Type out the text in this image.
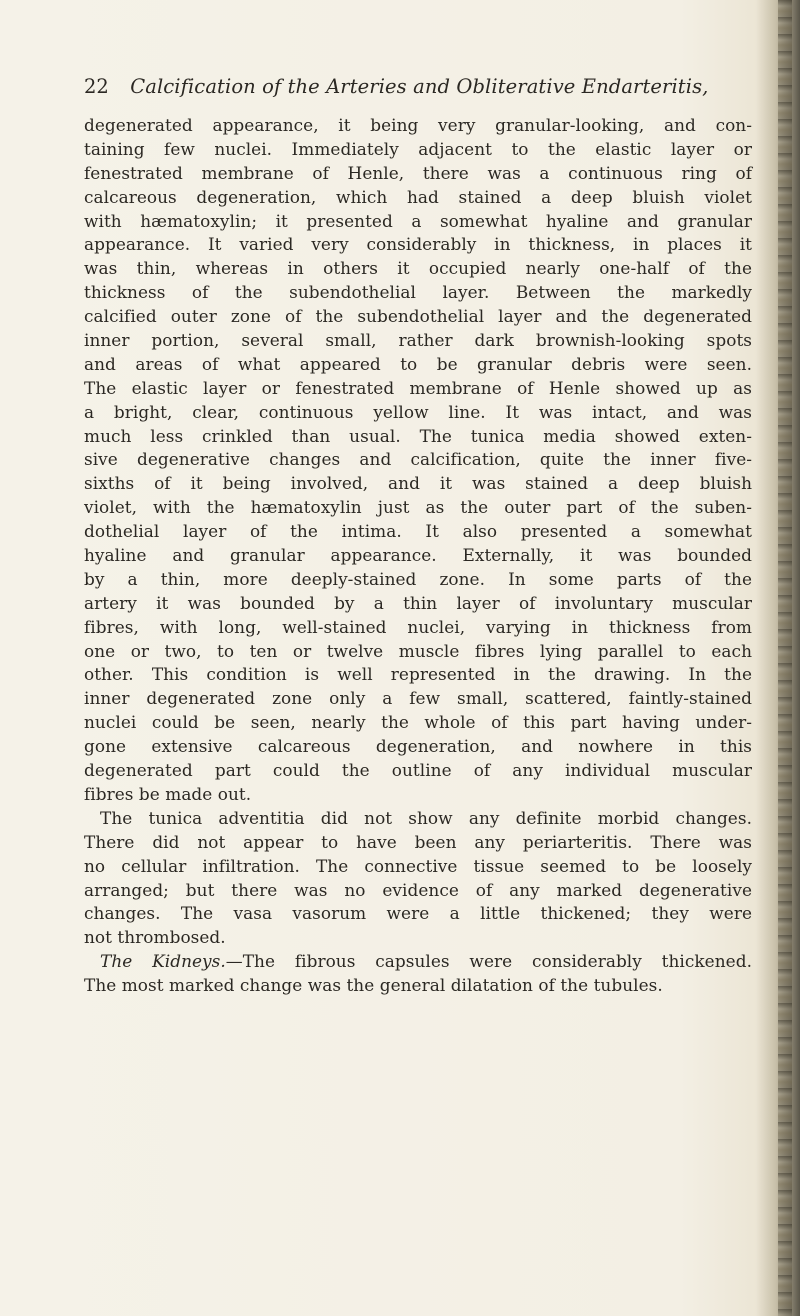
22 Calcification of the Arteries and Obliterative Endarteritis,
degenerated appearance, it being very granular-looking, and con-
taining few nuclei. Immediately adjacent to the elastic layer or
fenestrated membrane of Henle, there was a continuous ring of
calcareous degeneration, which had stained a deep bluish violet
with hæmatoxylin; it presented a somewhat hyaline and granular
appearance. It varied very considerably in thickness, in places it
was thin, whereas in others it occupied nearly one-half of the
thickness of the subendothelial layer. Between the markedly
calcified outer zone of the subendothelial layer and the degenerated
inner portion, several small, rather dark brownish-looking spots
and areas of what appeared to be granular debris were seen.
The elastic layer or fenestrated membrane of Henle showed up as
a bright, clear, continuous yellow line. It was intact, and was
much less crinkled than usual. The tunica media showed exten-
sive degenerative changes and calcification, quite the inner five-
sixths of it being involved, and it was stained a deep bluish
violet, with the hæmatoxylin just as the outer part of the suben-
dothelial layer of the intima. It also presented a somewhat
hyaline and granular appearance. Externally, it was bounded
by a thin, more deeply-stained zone. In some parts of the
artery it was bounded by a thin layer of involuntary muscular
fibres, with long, well-stained nuclei, varying in thickness from
one or two, to ten or twelve muscle fibres lying parallel to each
other. This condition is well represented in the drawing. In the
inner degenerated zone only a few small, scattered, faintly-stained
nuclei could be seen, nearly the whole of this part having under-
gone extensive calcareous degeneration, and nowhere in this
degenerated part could the outline of any individual muscular
fibres be made out.
The tunica adventitia did not show any definite morbid changes.
There did not appear to have been any periarteritis. There was
no cellular infiltration. The connective tissue seemed to be loosely
arranged; but there was no evidence of any marked degenerative
changes. The vasa vasorum were a little thickened; they were
not thrombosed.
The Kidneys.—The fibrous capsules were considerably thickened.
The most marked change was the general dilatation of the tubules.
